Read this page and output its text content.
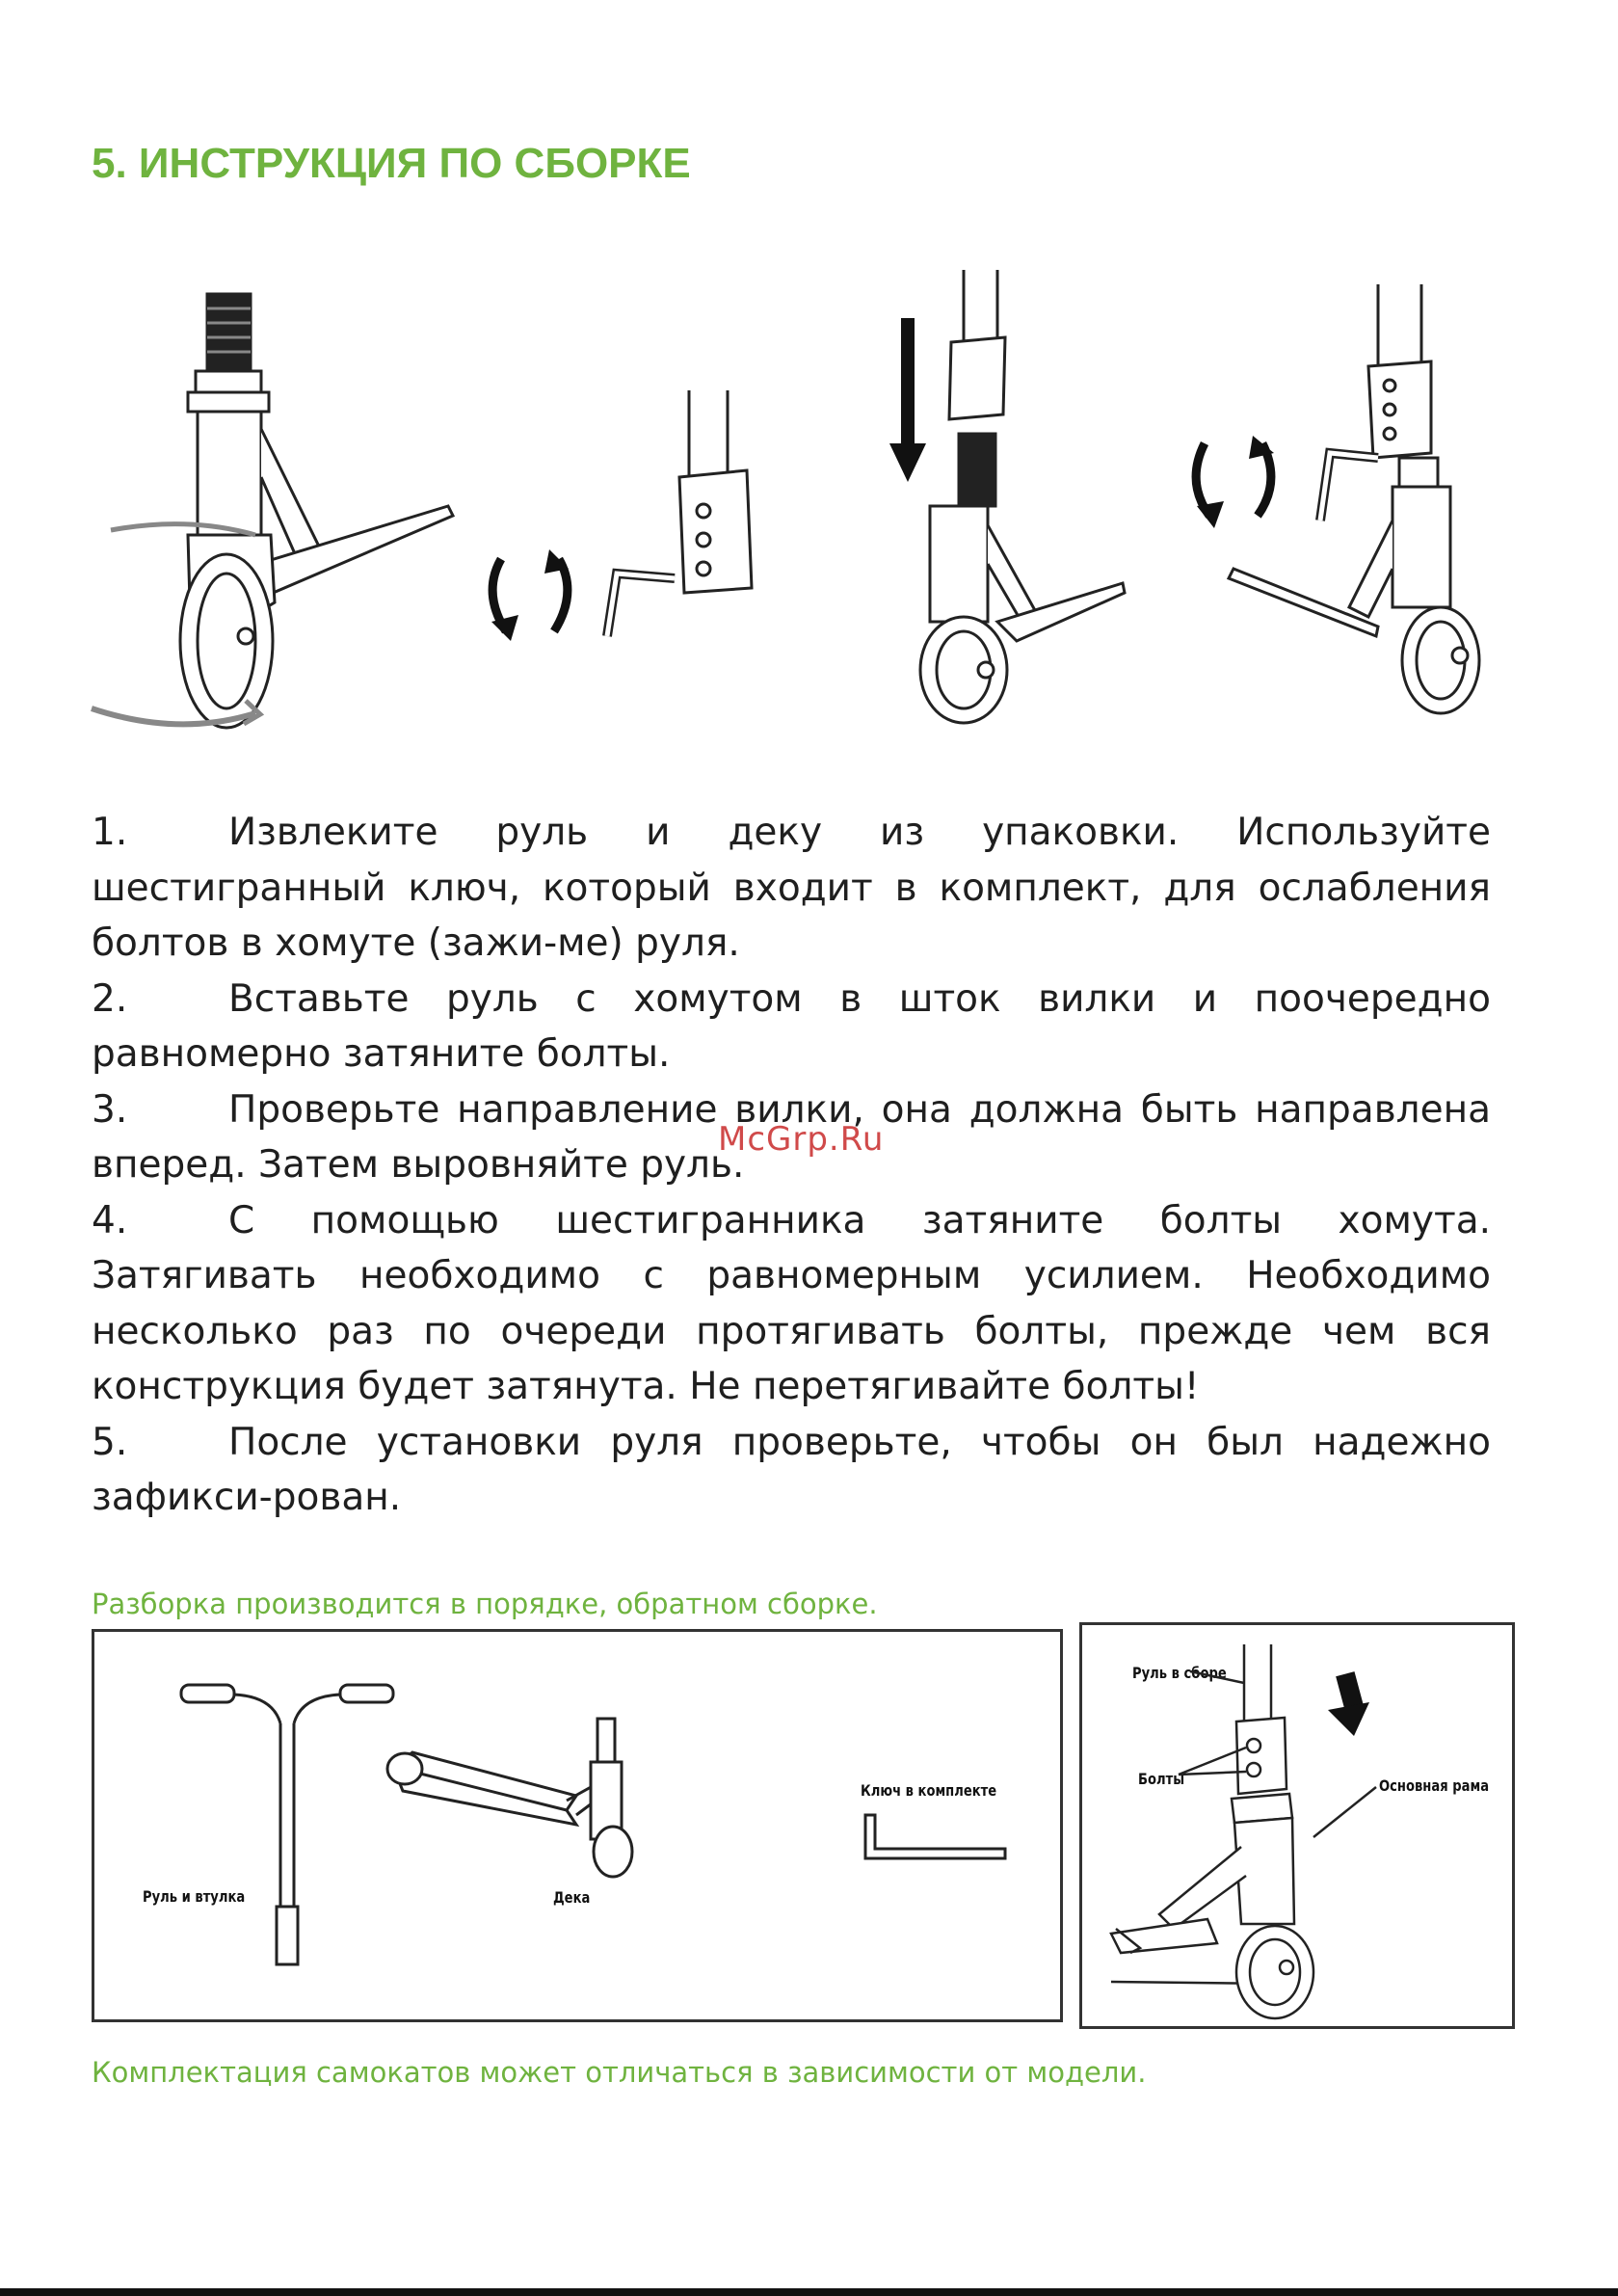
5. ИНСТРУКЦИЯ ПО СБОРКЕ
1.	Извлеките руль и деку из упаковки. Используйте шестигранный ключ, который входит в комплект, для ослабления болтов в хомуте (зажи-ме) руля.
2.	Вставьте руль с хомутом в шток вилки и поочередно равномерно затяните болты.
3.	Проверьте направление вилки, она должна быть направлена вперед. Затем выровняйте руль.
4.	С помощью шестигранника затяните болты хомута. Затягивать необходимо с равномерным усилием. Необходимо несколько раз по очереди протягивать болты, прежде чем вся конструкция будет затянута. Не перетягивайте болты!
5.	После установки руля проверьте, чтобы он был надежно зафикси-рован.
McGrp.Ru
Разборка производится в порядке, обратном сборке.
Руль и втулка	Дека
Ключ в комплекте
Руль в сборе
Болты	Основная рама
Комплектация самокатов может отличаться в зависимости от модели.
